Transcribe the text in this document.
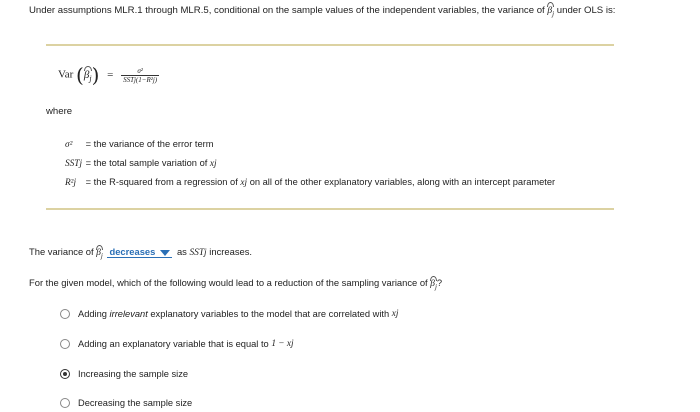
Under assumptions MLR.1 through MLR.5, conditional on the sample values of the independent variables, the variance of $\beta_j$ under OLS is:
Var $(\beta_j) = \frac{\text{σ²}}{\text{SSTj(1−R²j)}}$
where
σ² = the variance of the error term
SSTj = the total sample variation of xj
R²j = the R-squared from a regression of xj on all of the other explanatory variables, along with an intercept parameter
The variance of $\beta_j$ decreases as SSTj increases.
For the given model, which of the following would lead to a reduction of the sampling variance of $\beta_j$?
Adding
irrelevant
explanatory variables to the model that are correlated with
xj
Adding an explanatory variable that is equal to
1 − xj
Increasing the sample size
Decreasing the sample size
